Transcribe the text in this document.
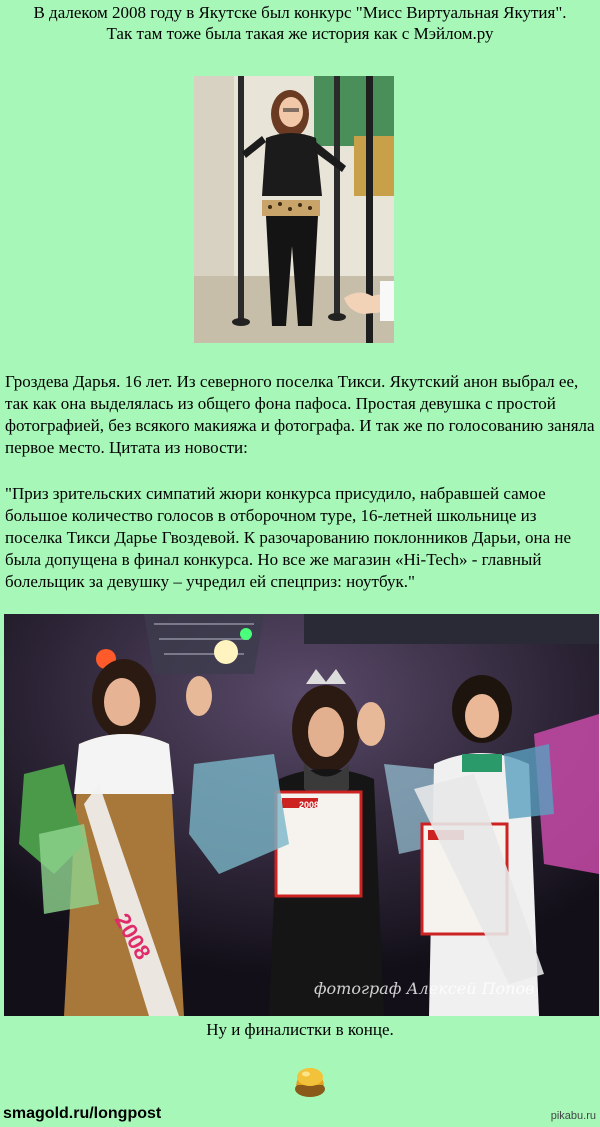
В далеком 2008 году в Якутске был конкурс "Мисс Виртуальная Якутия".
Так там тоже была такая же история как с Мэйлом.ру

Гроздева Дарья. 16 лет. Из северного поселка Тикси. Якутский анон выбрал ее, так как она выделялась из общего фона пафоса. Простая девушка с простой фотографией, без всякого макияжа и фотографа. И так же по голосованию заняла первое место. Цитата из новости:

"Приз зрительских симпатий жюри конкурса присудило, набравшей самое большое количество голосов в отборочном туре, 16-летней школьнице из поселка Тикси Дарье Гвоздевой. К разочарованию поклонников Дарьи, она не была допущена в финал конкурса. Но все же магазин «Hi-Tech» - главный болельщик за девушку – учредил ей спецприз: ноутбук."

2008
2008
фотограф Алексей Попов
Ну и финалистки в конце.
smagold.ru/longpost	pikabu.ru
